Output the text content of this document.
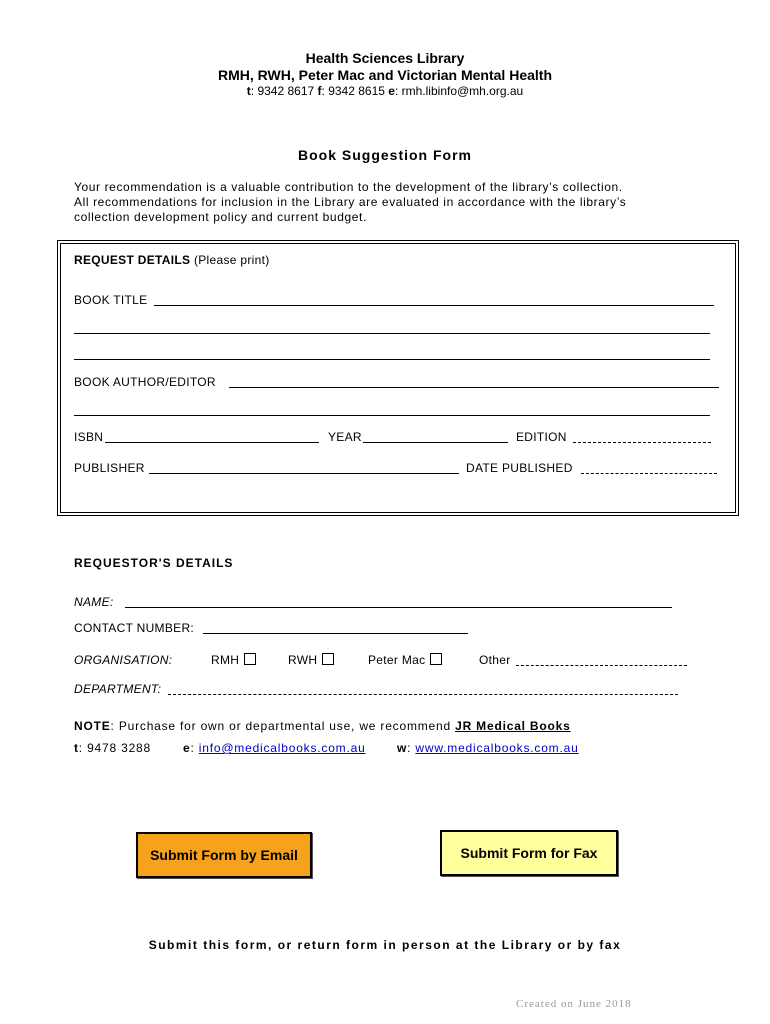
Health Sciences Library
RMH, RWH, Peter Mac and Victorian Mental Health
t: 9342 8617 f: 9342 8615 e: rmh.libinfo@mh.org.au
Book Suggestion Form
Your recommendation is a valuable contribution to the development of the library’s collection.
All recommendations for inclusion in the Library are evaluated in accordance with the library’s
collection development policy and current budget.
REQUEST DETAILS (Please print)
BOOK TITLE
BOOK AUTHOR/EDITOR
ISBN	YEAR	EDITION
PUBLISHER	DATE PUBLISHED
REQUESTOR'S DETAILS
NAME:
CONTACT NUMBER:
ORGANISATION:	RMH	RWH	Peter Mac	Other
DEPARTMENT:
NOTE: Purchase for own or departmental use, we recommend JR Medical Books
t: 9478 3288	e: info@medicalbooks.com.au	w: www.medicalbooks.com.au
Submit Form by Email	Submit Form for Fax
Submit this form, or return form in person at the Library or by fax
Created on June 2018
